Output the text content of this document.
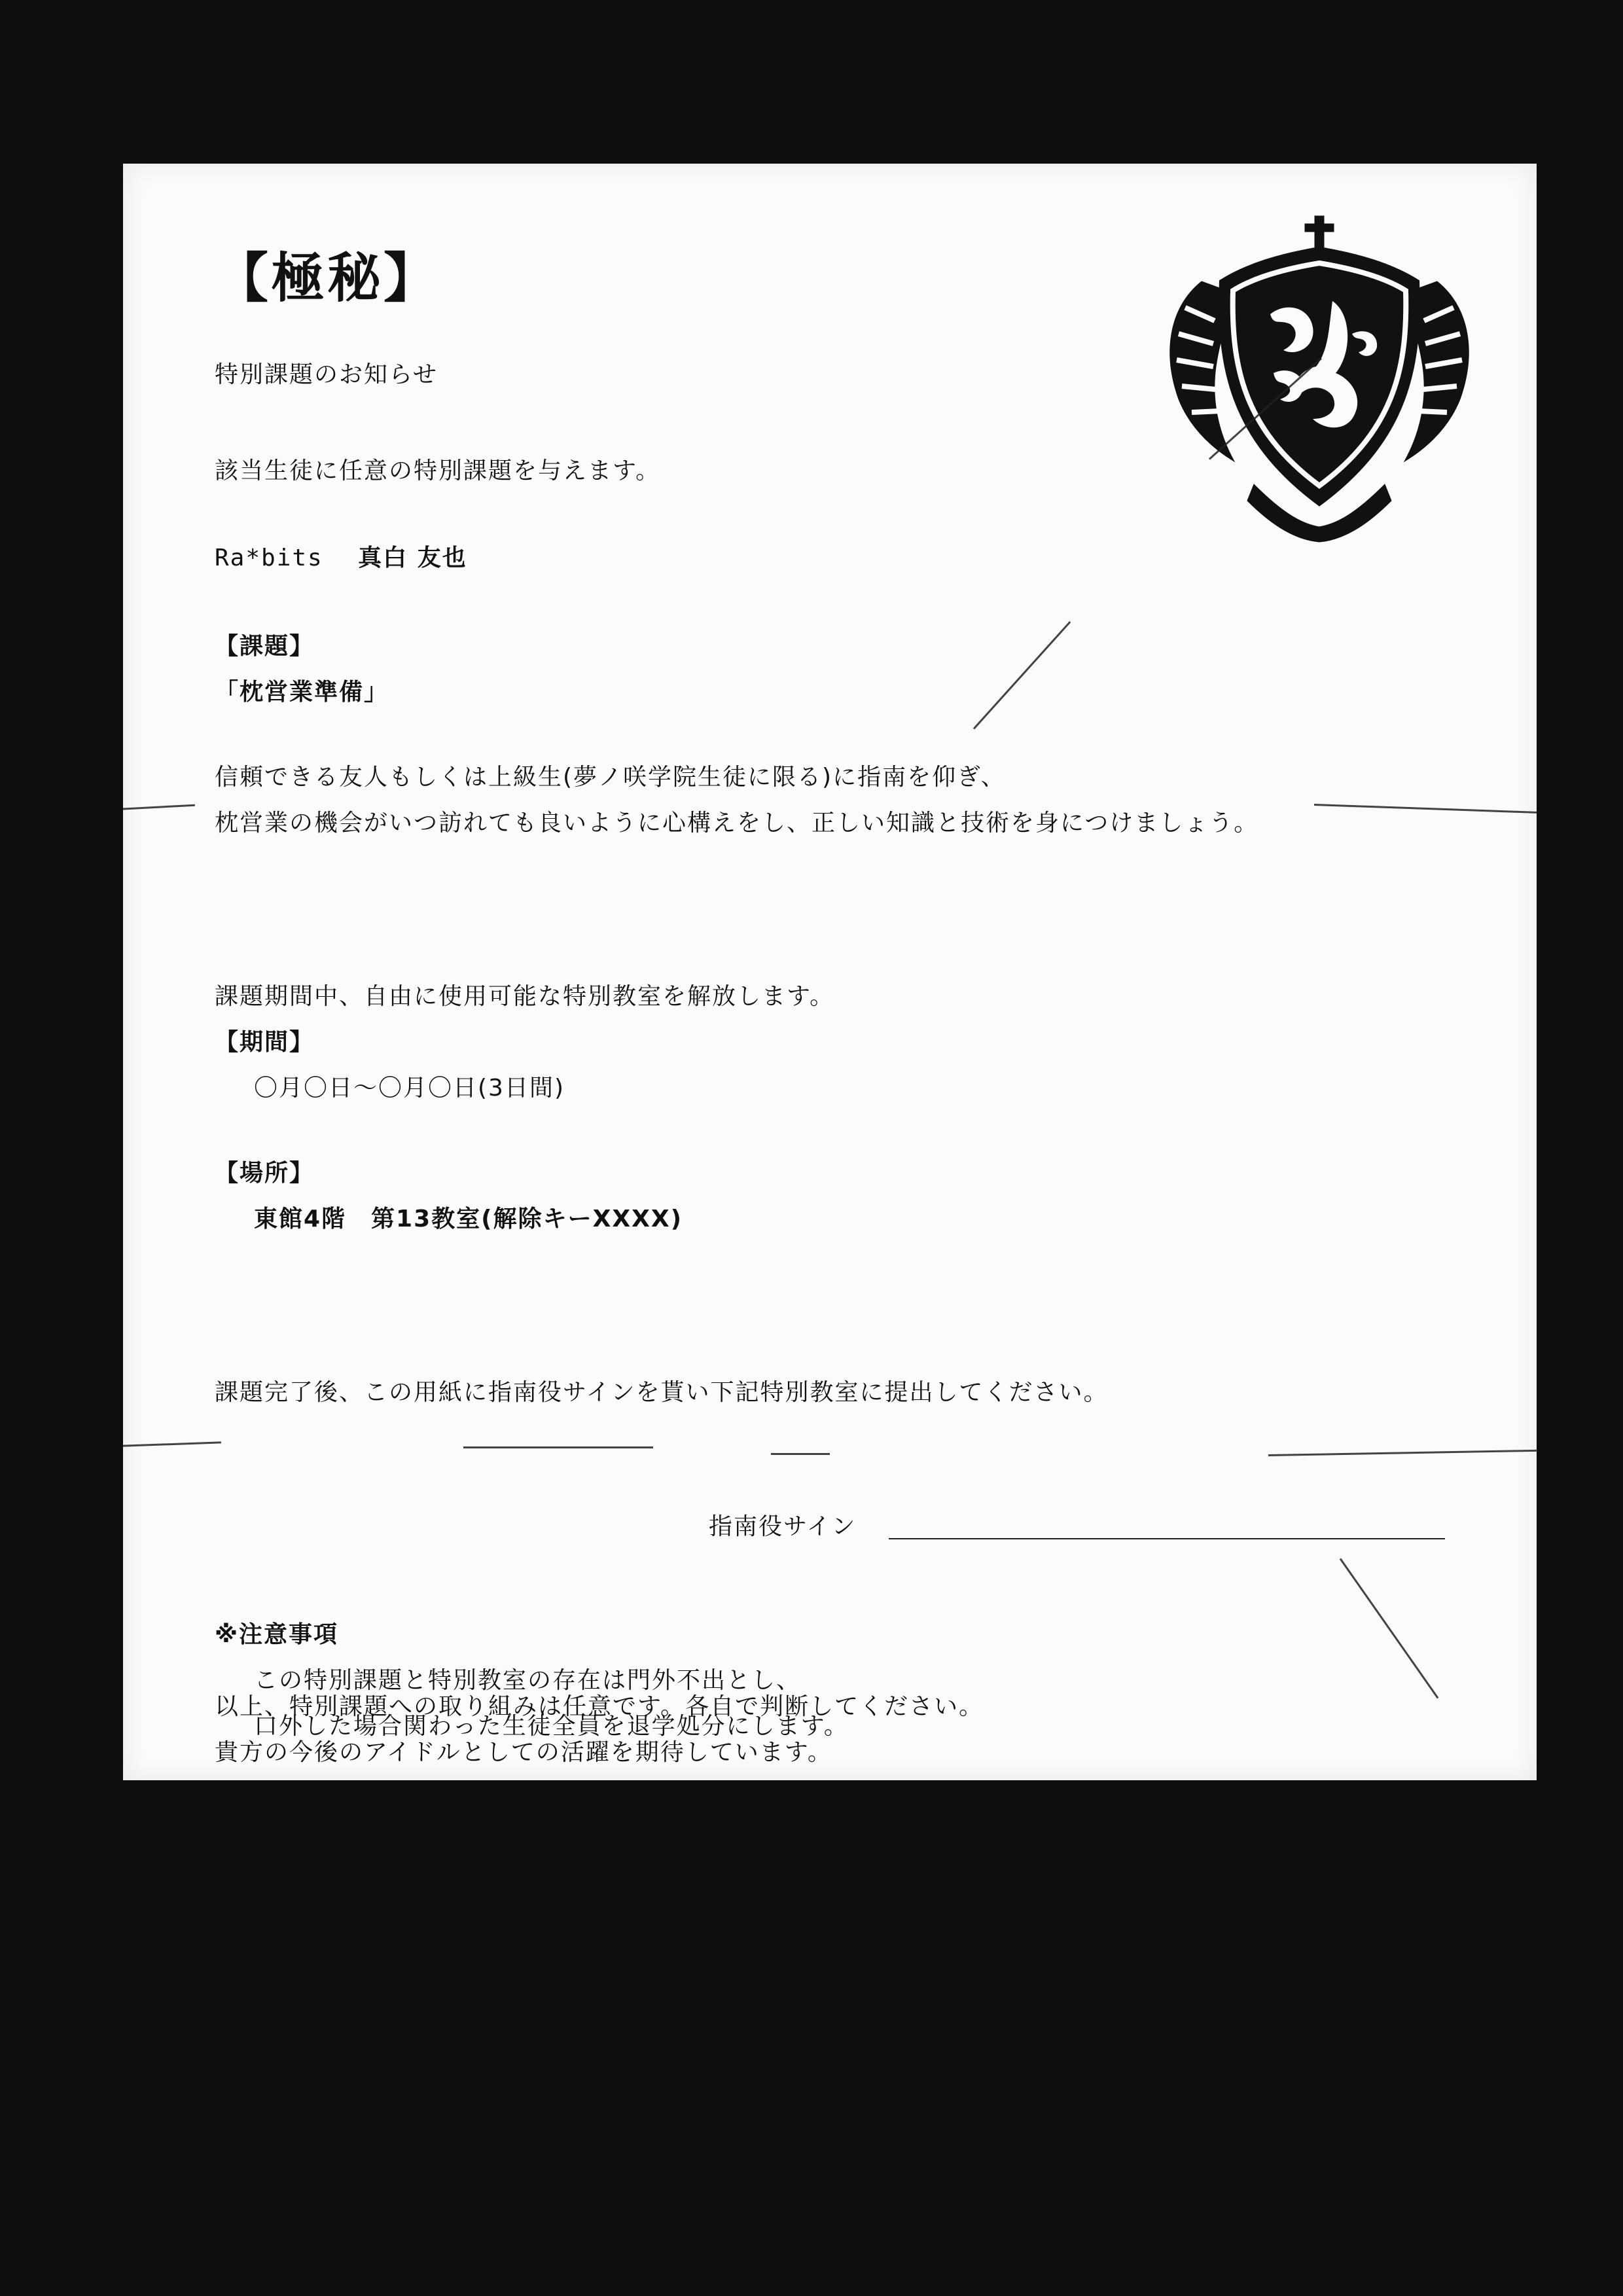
【極秘】
特別課題のお知らせ
該当生徒に任意の特別課題を与えます。
Ra*bits 真白 友也
【課題】
「枕営業準備」
信頼できる友人もしくは上級生(夢ノ咲学院生徒に限る)に指南を仰ぎ、
枕営業の機会がいつ訪れても良いように心構えをし、正しい知識と技術を身につけましょう。
課題期間中、自由に使用可能な特別教室を解放します。
【期間】
〇月〇日～〇月〇日(3日間)
【場所】
東館4階　第13教室(解除キーXXXX)
課題完了後、この用紙に指南役サインを貰い下記特別教室に提出してください。
指南役サイン
※注意事項
この特別課題と特別教室の存在は門外不出とし、
口外した場合関わった生徒全員を退学処分にします。
以上、特別課題への取り組みは任意です。各自で判断してください。
貴方の今後のアイドルとしての活躍を期待しています。
